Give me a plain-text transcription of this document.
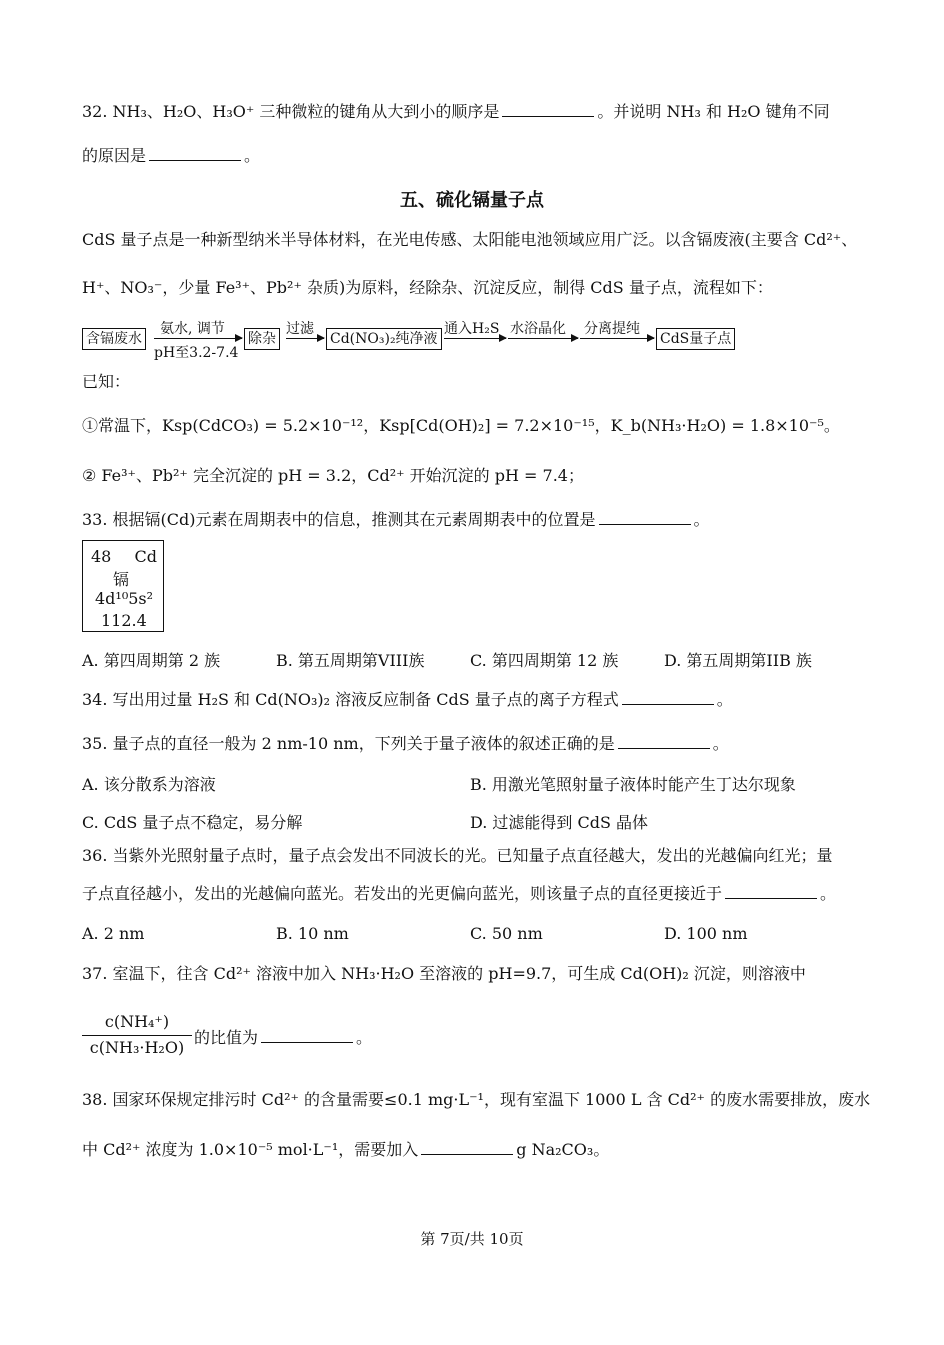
32. NH₃、H₂O、H₃O⁺ 三种微粒的键角从大到小的顺序是	。并说明 NH₃ 和 H₂O 键角不同
的原因是	。
五、硫化镉量子点
CdS 量子点是一种新型纳米半导体材料，在光电传感、太阳能电池领域应用广泛。以含镉废液(主要含 Cd²⁺、
H⁺、NO₃⁻，少量 Fe³⁺、Pb²⁺ 杂质)为原料，经除杂、沉淀反应，制得 CdS 量子点，流程如下：
含镉废水
氨水, 调节
pH至3.2-7.4
除杂
过滤
Cd(NO₃)₂纯净液
通入H₂S 水浴晶化 分离提纯
CdS量子点
已知：
①常温下，Ksp(CdCO₃) = 5.2×10⁻¹²，Ksp[Cd(OH)₂] = 7.2×10⁻¹⁵，K_b(NH₃·H₂O) = 1.8×10⁻⁵。
② Fe³⁺、Pb²⁺ 完全沉淀的 pH = 3.2，Cd²⁺ 开始沉淀的 pH = 7.4；
33. 根据镉(Cd)元素在周期表中的信息，推测其在元素周期表中的位置是	。
48 Cd
镉
4d¹⁰5s²
112.4
A. 第四周期第 2 族	B. 第五周期第VIII族	C. 第四周期第 12 族	D. 第五周期第IIB 族
34. 写出用过量 H₂S 和 Cd(NO₃)₂ 溶液反应制备 CdS 量子点的离子方程式	。
35. 量子点的直径一般为 2 nm-10 nm，下列关于量子液体的叙述正确的是	。
A. 该分散系为溶液	B. 用激光笔照射量子液体时能产生丁达尔现象
C. CdS 量子点不稳定，易分解	D. 过滤能得到 CdS 晶体
36. 当紫外光照射量子点时，量子点会发出不同波长的光。已知量子点直径越大，发出的光越偏向红光；量
子点直径越小，发出的光越偏向蓝光。若发出的光更偏向蓝光，则该量子点的直径更接近于	。
A. 2 nm	B. 10 nm	C. 50 nm	D. 100 nm
37. 室温下，往含 Cd²⁺ 溶液中加入 NH₃·H₂O 至溶液的 pH=9.7，可生成 Cd(OH)₂ 沉淀，则溶液中
c(NH₄⁺)
c(NH₃·H₂O)
的比值为	。
38. 国家环保规定排污时 Cd²⁺ 的含量需要≤0.1 mg·L⁻¹，现有室温下 1000 L 含 Cd²⁺ 的废水需要排放，废水
中 Cd²⁺ 浓度为 1.0×10⁻⁵ mol·L⁻¹，需要加入	g Na₂CO₃。
第 7页/共 10页
